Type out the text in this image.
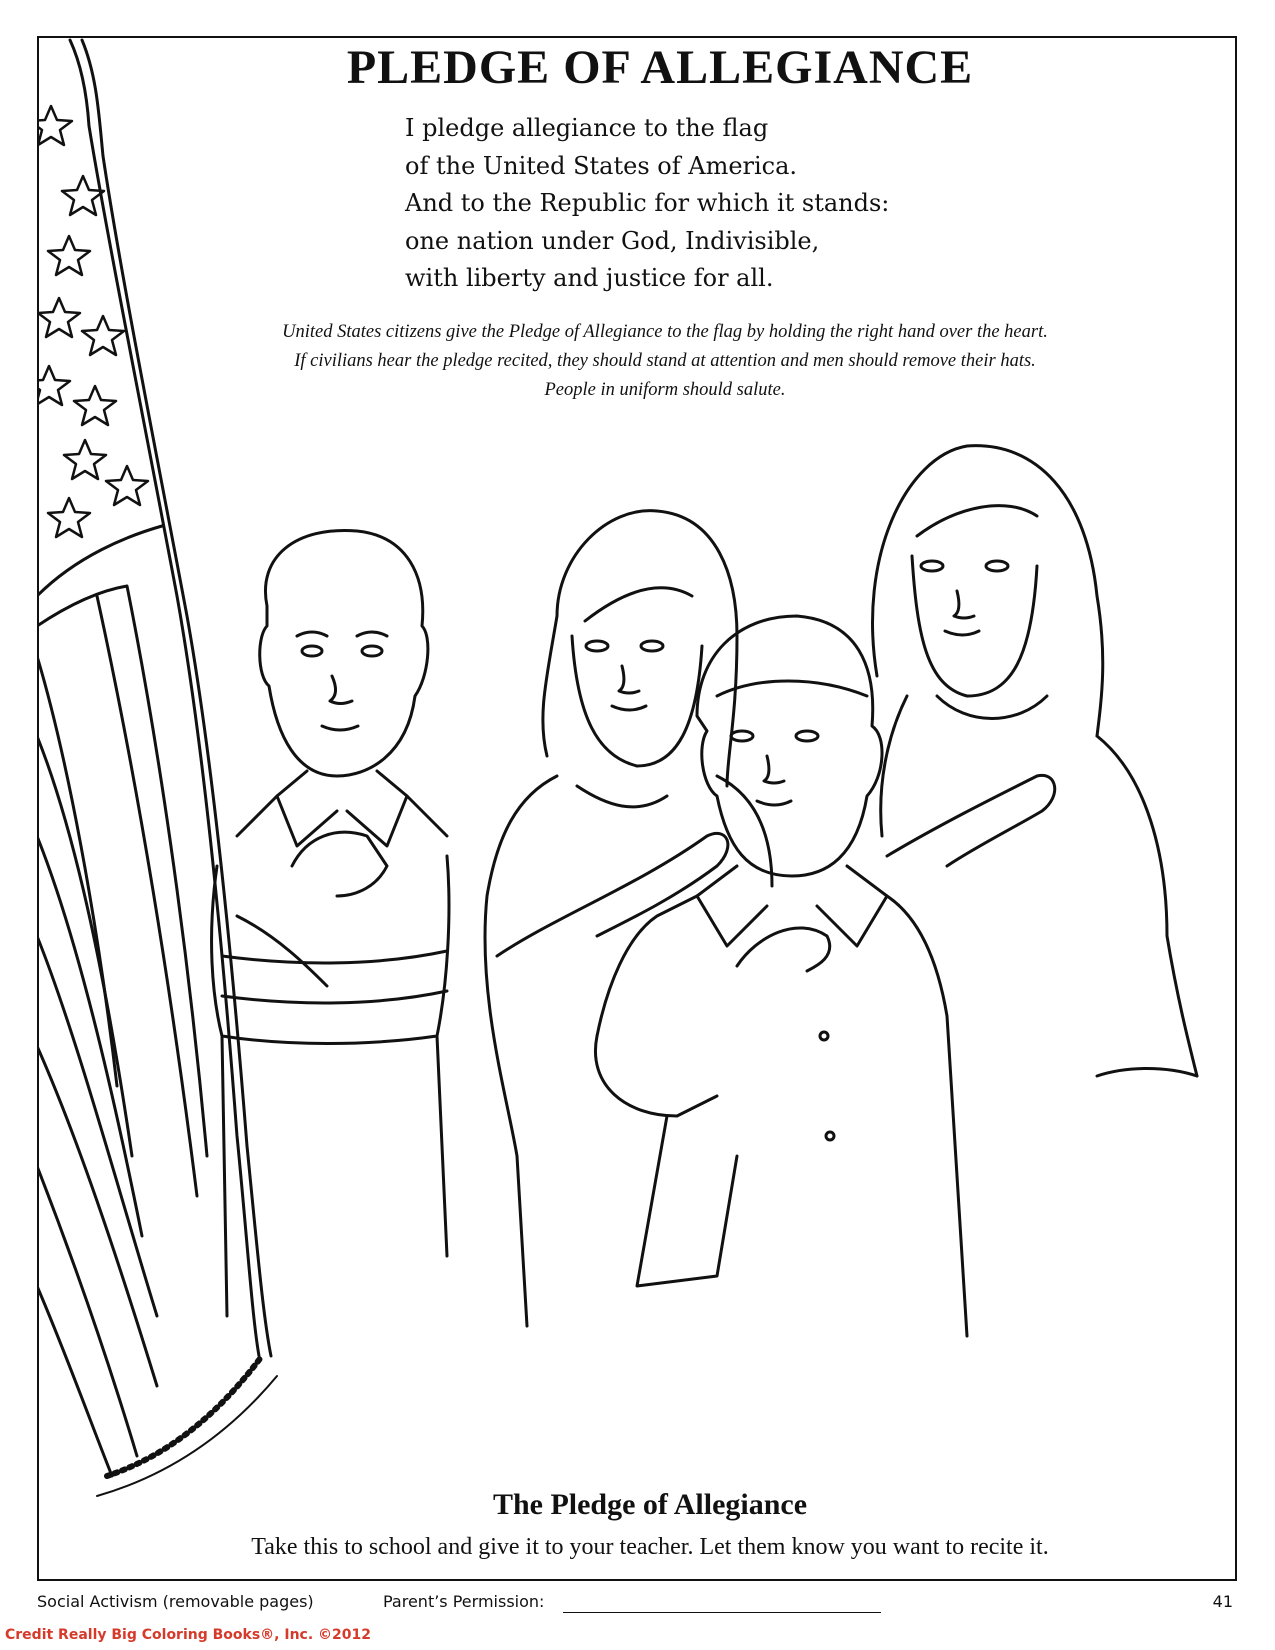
PLEDGE OF ALLEGIANCE
I pledge allegiance to the flag
of the United States of America.
And to the Republic for which it stands:
one nation under God, Indivisible,
with liberty and justice for all.
United States citizens give the Pledge of Allegiance to the flag by holding the right hand over the heart.
If civilians hear the pledge recited, they should stand at attention and men should remove their hats.
People in uniform should salute.
The Pledge of Allegiance
Take this to school and give it to your teacher. Let them know you want to recite it.
Social Activism (removable pages)	Parent’s Permission:	41
Credit Really Big Coloring Books®, Inc. ©2012
